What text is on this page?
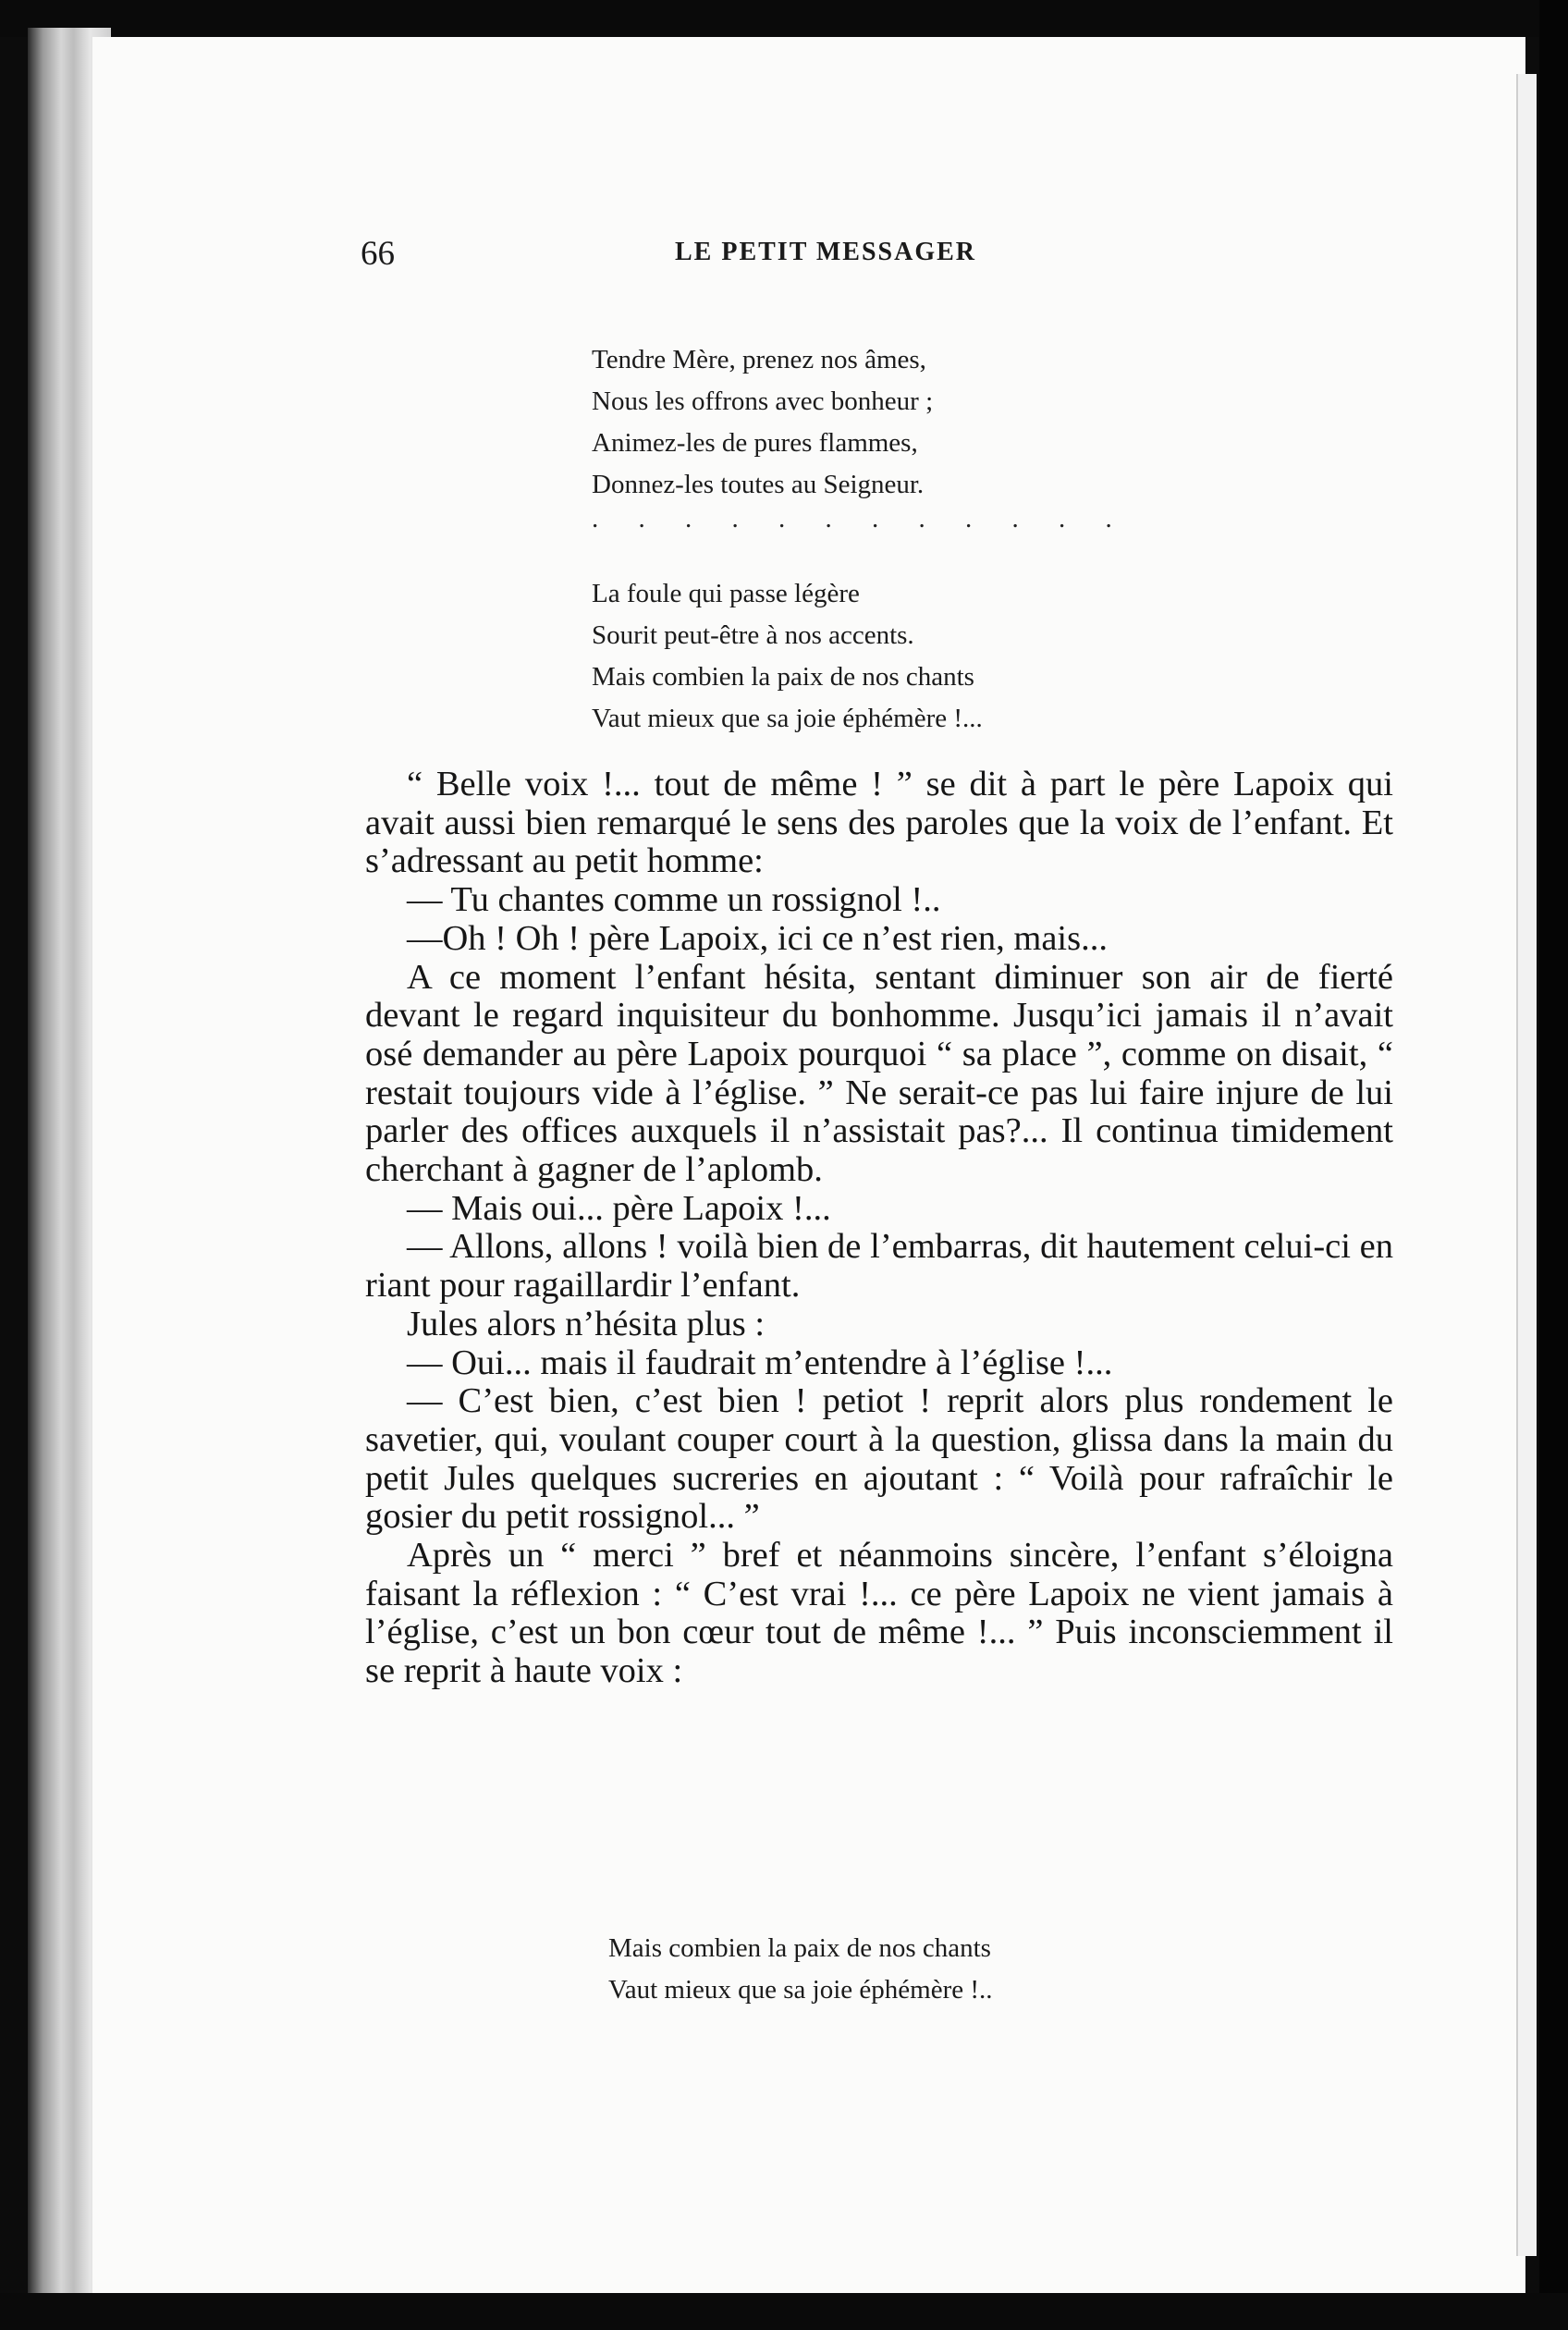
66	LE PETIT MESSAGER
Tendre Mère, prenez nos âmes,
Nous les offrons avec bonheur ;
Animez-les de pures flammes,
Donnez-les toutes au Seigneur.
. . . . . . . . . . . .
La foule qui passe légère
Sourit peut-être à nos accents.
Mais combien la paix de nos chants
Vaut mieux que sa joie éphémère !...

“ Belle voix !... tout de même ! ” se dit à part le père Lapoix qui avait aussi bien remarqué le sens des paroles que la voix de l’enfant. Et s’adressant au petit homme:

— Tu chantes comme un rossignol !..

—Oh ! Oh ! père Lapoix, ici ce n’est rien, mais...

A ce moment l’enfant hésita, sentant diminuer son air de fierté devant le regard inquisiteur du bonhomme. Jusqu’ici jamais il n’avait osé demander au père Lapoix pourquoi “ sa place ”, comme on disait, “ restait toujours vide à l’église. ” Ne serait-ce pas lui faire injure de lui parler des offices auxquels il n’assistait pas?... Il continua timidement cherchant à gagner de l’aplomb.

— Mais oui... père Lapoix !...

— Allons, allons ! voilà bien de l’embarras, dit hautement celui-ci en riant pour ragaillardir l’enfant.

Jules alors n’hésita plus :

— Oui... mais il faudrait m’entendre à l’église !...

— C’est bien, c’est bien ! petiot ! reprit alors plus rondement le savetier, qui, voulant couper court à la question, glissa dans la main du petit Jules quelques sucreries en ajoutant : “ Voilà pour rafraîchir le gosier du petit rossignol... ”

Après un “ merci ” bref et néanmoins sincère, l’enfant s’éloigna faisant la réflexion : “ C’est vrai !... ce père Lapoix ne vient jamais à l’église, c’est un bon cœur tout de même !... ” Puis inconsciemment il se reprit à haute voix :

Mais combien la paix de nos chants
Vaut mieux que sa joie éphémère !..
